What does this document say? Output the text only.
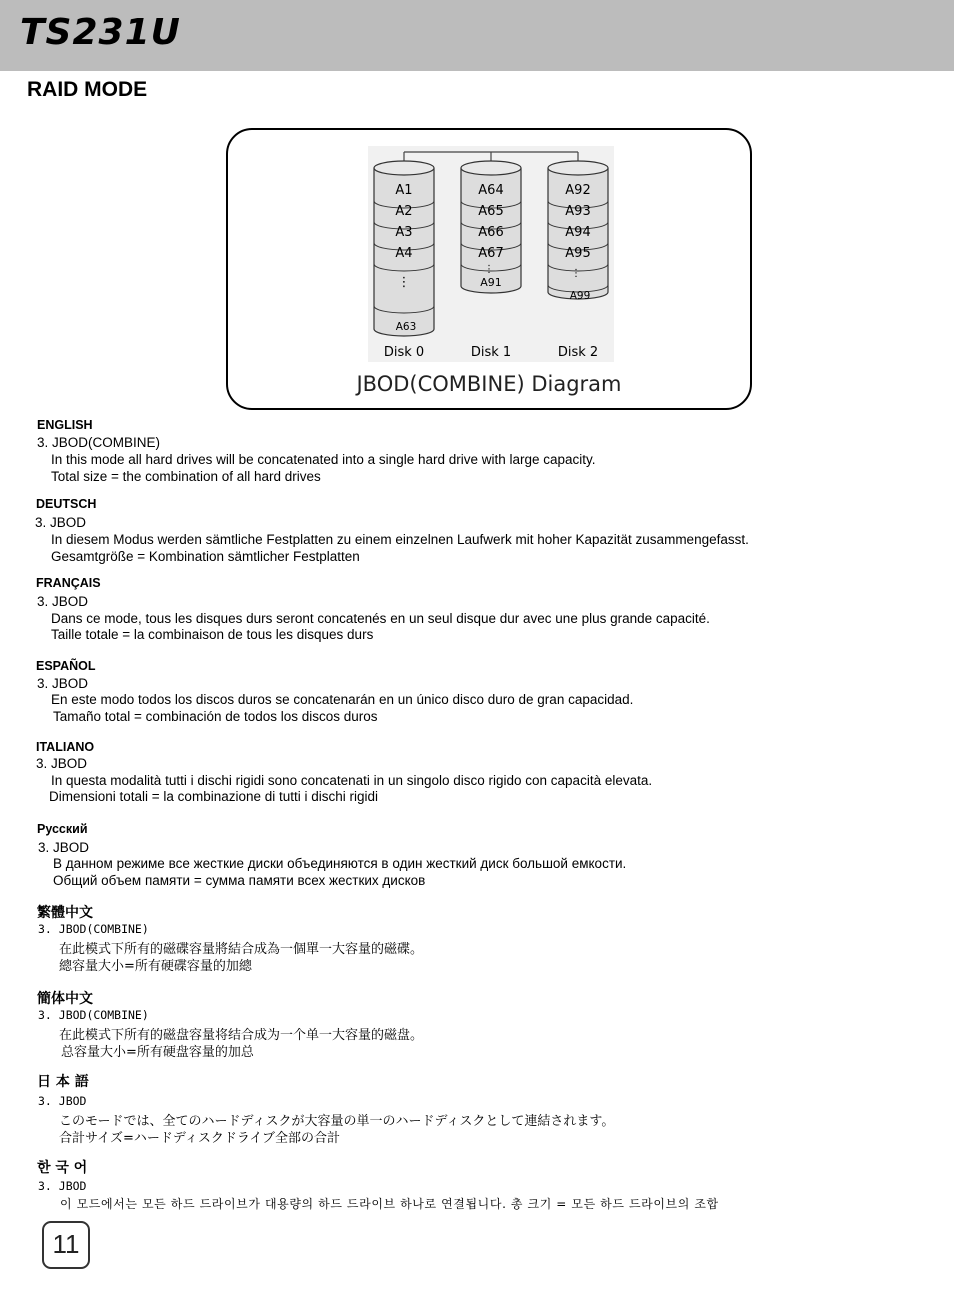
TS231U
RAID MODE
A1
A2
A3
A4
⋮
A63
Disk 0
A64
A65
A66
A67
⋮
A91
Disk 1
A92
A93
A94
A95
⋮
A99
Disk 2
JBOD(COMBINE) Diagram
ENGLISH
3. JBOD(COMBINE)
In this mode all hard drives will be concatenated into a single hard drive with large capacity.
Total size = the combination of all hard drives
DEUTSCH
3. JBOD
In diesem Modus werden sämtliche Festplatten zu einem einzelnen Laufwerk mit hoher Kapazität zusammengefasst.
Gesamtgröße = Kombination sämtlicher Festplatten
FRANÇAIS
3. JBOD
Dans ce mode, tous les disques durs seront concatenés en un seul disque dur avec une plus grande capacité.
Taille totale = la combinaison de tous les disques durs
ESPAÑOL
3. JBOD
En este modo todos los discos duros se concatenarán en un único disco duro de gran capacidad.
Tamaño total = combinación de todos los discos duros
ITALIANO
3. JBOD
In questa modalità tutti i dischi rigidi sono concatenati in un singolo disco rigido con capacità elevata.
Dimensioni totali = la combinazione di tutti i dischi rigidi
Русский
3. JBOD
В данном режиме все жесткие диски объединяются в один жесткий диск большой емкости.
Общий объем памяти = сумма памяти всех жестких дисков
繁體中文
3. JBOD(COMBINE)
在此模式下所有的磁碟容量將結合成為一個單一大容量的磁碟。
總容量大小=所有硬碟容量的加總
簡体中文
3. JBOD(COMBINE)
在此模式下所有的磁盘容量将结合成为一个单一大容量的磁盘。
总容量大小=所有硬盘容量的加总
日 本 語
3. JBOD
このモードでは、全てのハードディスクが大容量の単一のハードディスクとして連結されます。
合計サイズ=ハードディスクドライブ全部の合計
한 국 어
3. JBOD
이 모드에서는 모든 하드 드라이브가 대용량의 하드 드라이브 하나로 연결됩니다. 총 크기 = 모든 하드 드라이브의 조합
11
